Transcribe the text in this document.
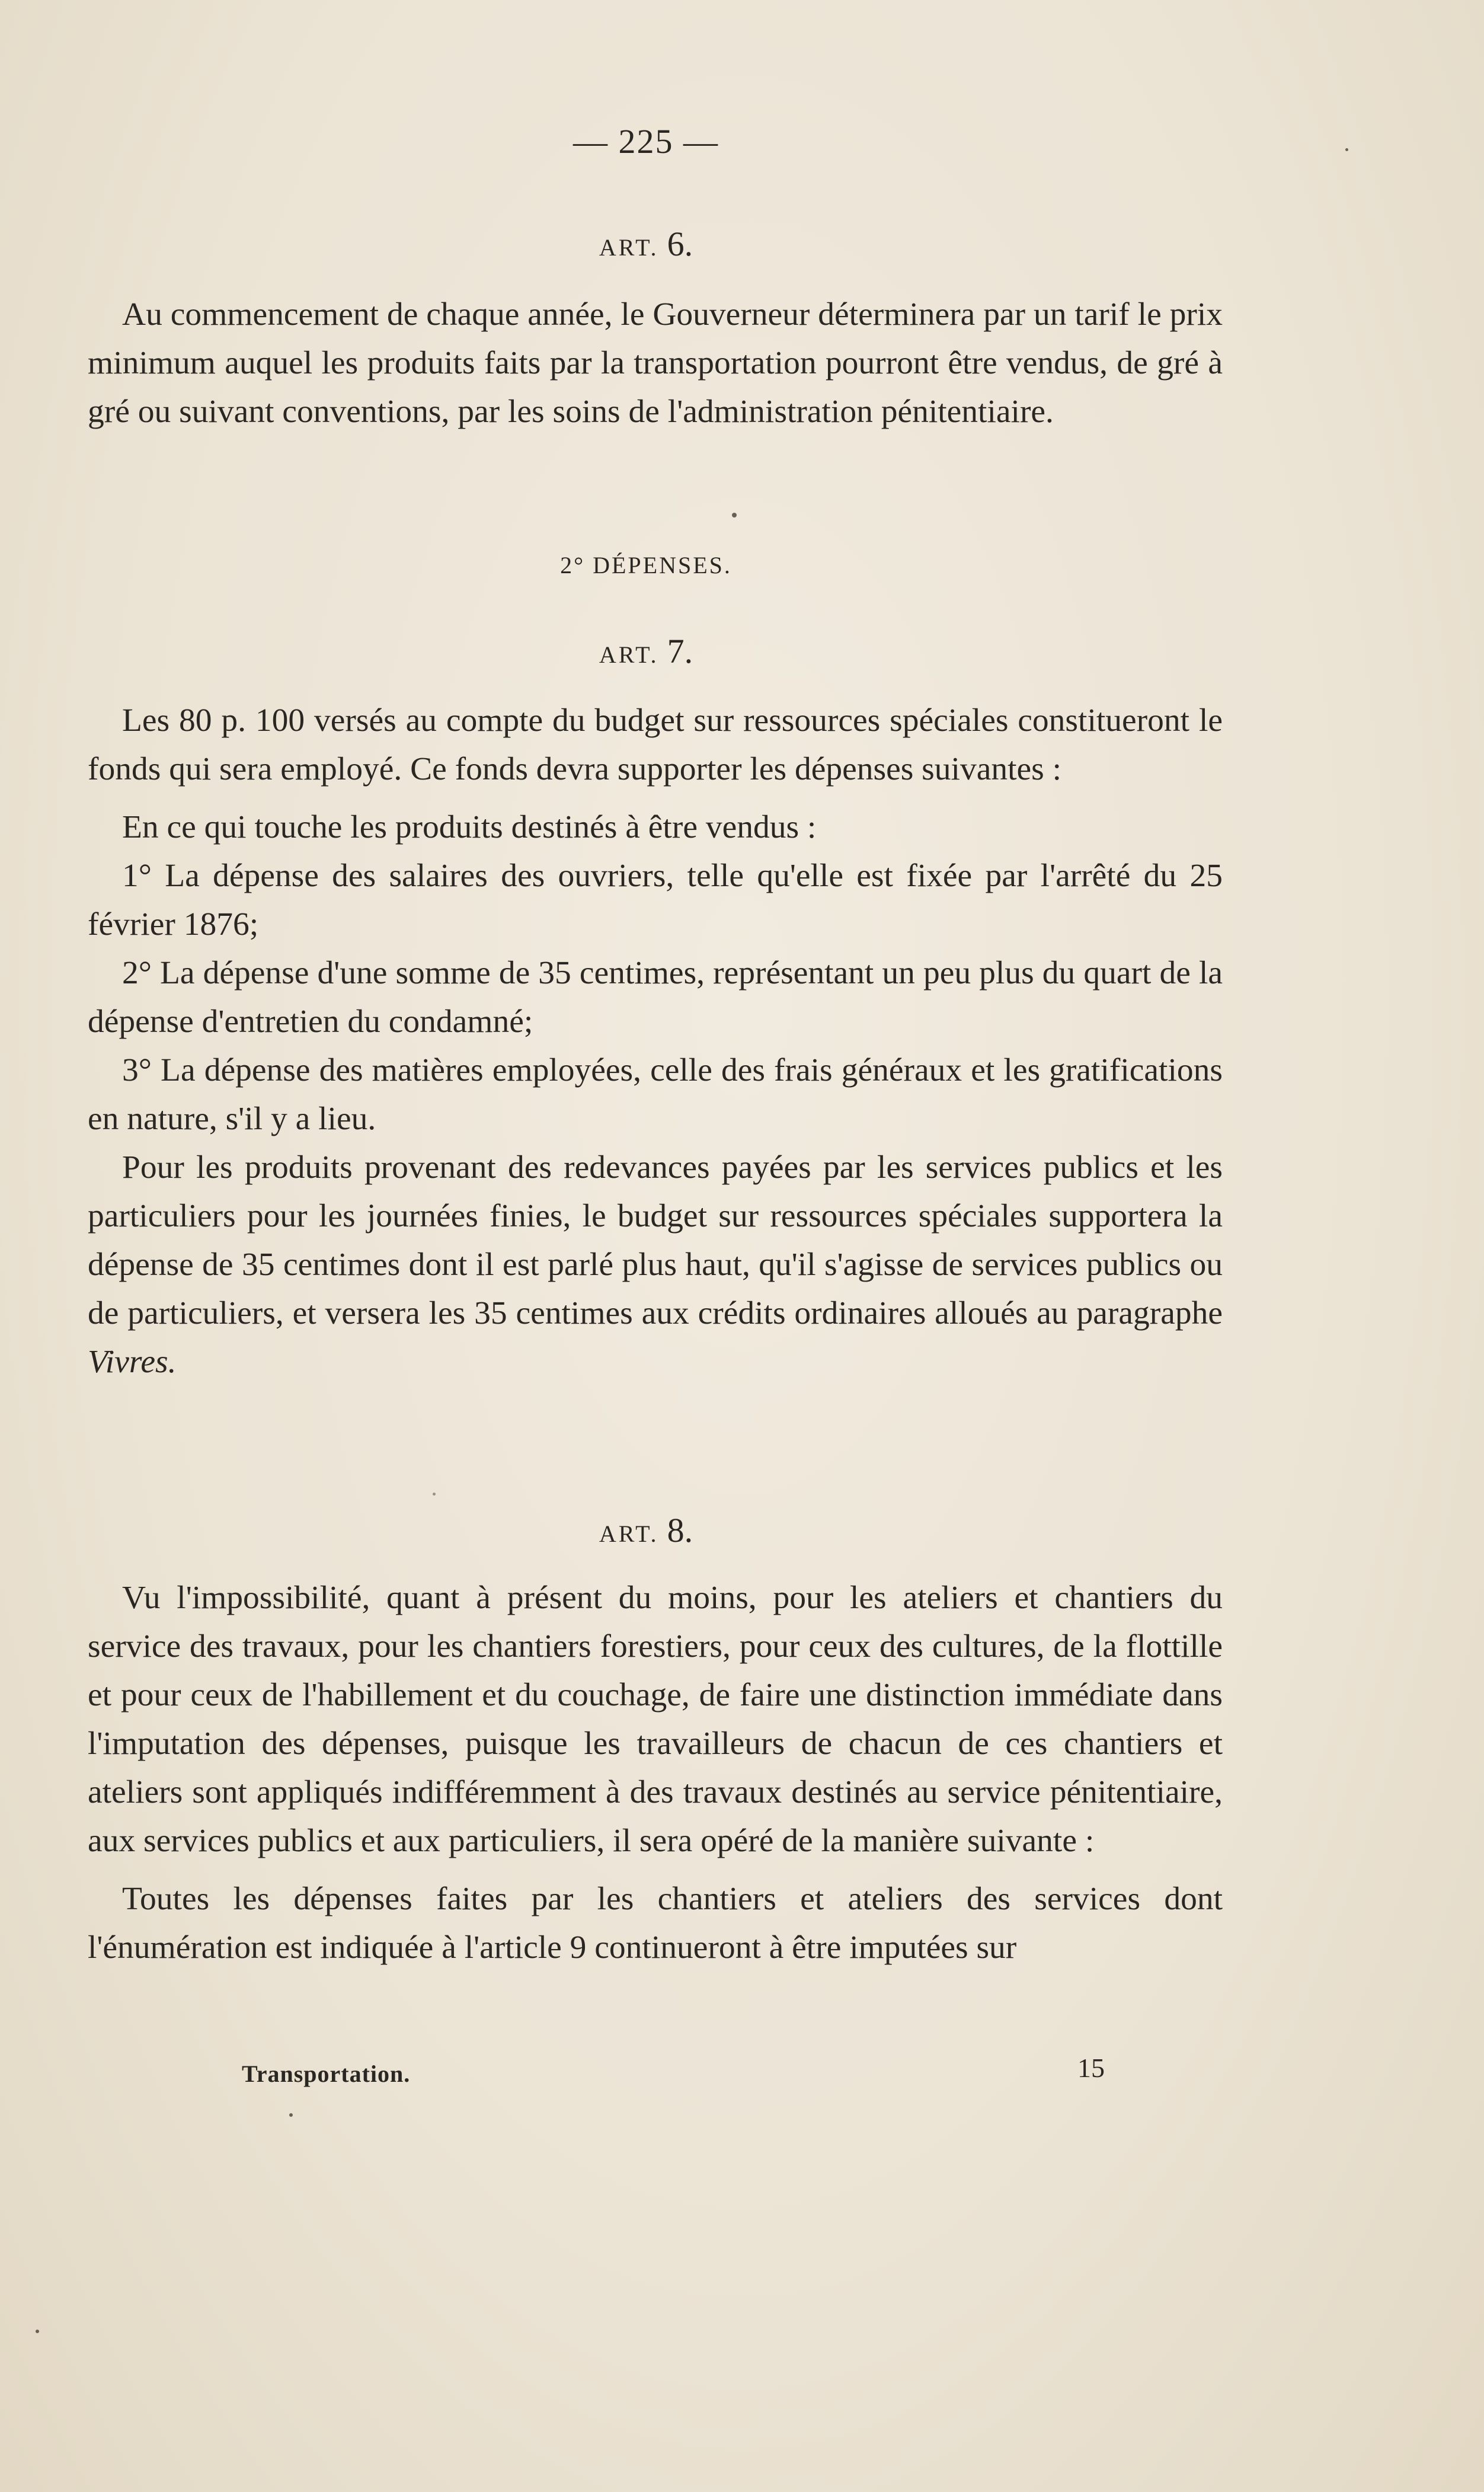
— 225 —
ART. 6.

Au commencement de chaque année, le Gouverneur déterminera par un tarif le prix minimum auquel les produits faits par la transportation pourront être vendus, de gré à gré ou suivant conventions, par les soins de l'administration pénitentiaire.

2° DÉPENSES.
ART. 7.

Les 80 p. 100 versés au compte du budget sur ressources spéciales constitueront le fonds qui sera employé. Ce fonds devra supporter les dépenses suivantes :

En ce qui touche les produits destinés à être vendus :

1° La dépense des salaires des ouvriers, telle qu'elle est fixée par l'arrêté du 25 février 1876;

2° La dépense d'une somme de 35 centimes, représentant un peu plus du quart de la dépense d'entretien du condamné;

3° La dépense des matières employées, celle des frais généraux et les gratifications en nature, s'il y a lieu.

Pour les produits provenant des redevances payées par les services publics et les particuliers pour les journées finies, le budget sur ressources spéciales supportera la dépense de 35 centimes dont il est parlé plus haut, qu'il s'agisse de services publics ou de particuliers, et versera les 35 centimes aux crédits ordinaires alloués au paragraphe Vivres.

ART. 8.

Vu l'impossibilité, quant à présent du moins, pour les ateliers et chantiers du service des travaux, pour les chantiers forestiers, pour ceux des cultures, de la flottille et pour ceux de l'habillement et du couchage, de faire une distinction immédiate dans l'imputation des dépenses, puisque les travailleurs de chacun de ces chantiers et ateliers sont appliqués indifféremment à des travaux destinés au service pénitentiaire, aux services publics et aux particuliers, il sera opéré de la manière suivante :

Toutes les dépenses faites par les chantiers et ateliers des services dont l'énumération est indiquée à l'article 9 continueront à être imputées sur

Transportation.	15
